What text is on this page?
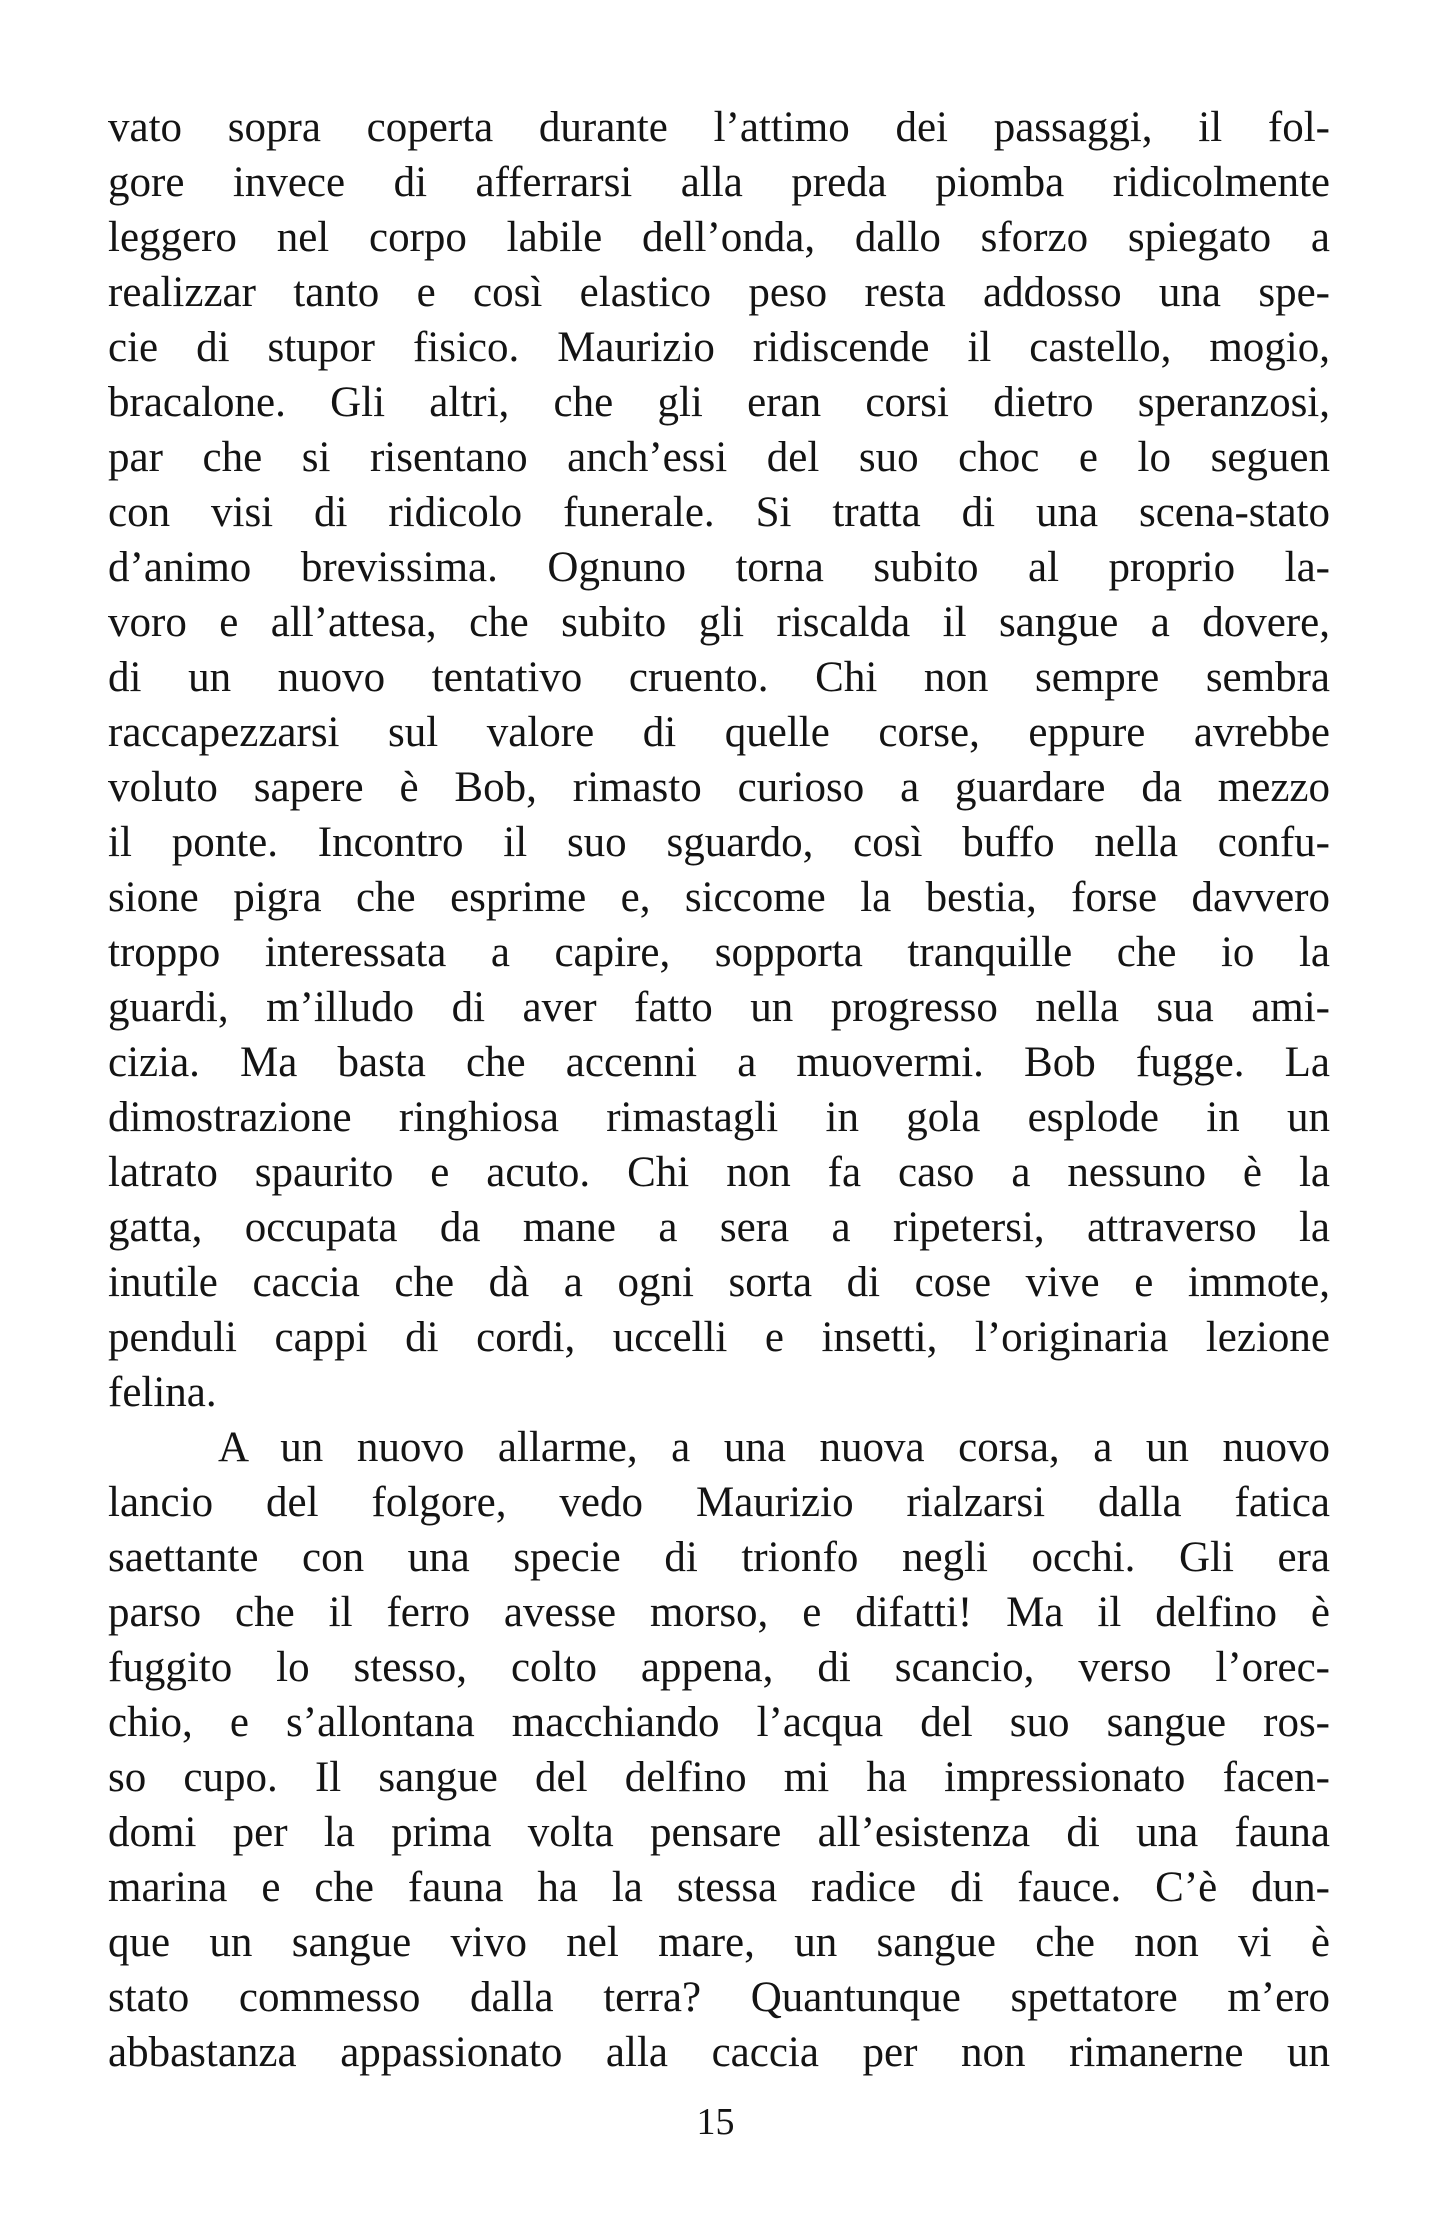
vato sopra coperta durante l’attimo dei passaggi, il fol-
gore invece di afferrarsi alla preda piomba ridicolmente
leggero nel corpo labile dell’onda, dallo sforzo spiegato a
realizzar tanto e così elastico peso resta addosso una spe-
cie di stupor fisico. Maurizio ridiscende il castello, mogio,
bracalone. Gli altri, che gli eran corsi dietro speranzosi,
par che si risentano anch’essi del suo choc e lo seguen
con visi di ridicolo funerale. Si tratta di una scena-stato
d’animo brevissima. Ognuno torna subito al proprio la-
voro e all’attesa, che subito gli riscalda il sangue a dovere,
di un nuovo tentativo cruento. Chi non sempre sembra
raccapezzarsi sul valore di quelle corse, eppure avrebbe
voluto sapere è Bob, rimasto curioso a guardare da mezzo
il ponte. Incontro il suo sguardo, così buffo nella confu-
sione pigra che esprime e, siccome la bestia, forse davvero
troppo interessata a capire, sopporta tranquille che io la
guardi, m’illudo di aver fatto un progresso nella sua ami-
cizia. Ma basta che accenni a muovermi. Bob fugge. La
dimostrazione ringhiosa rimastagli in gola esplode in un
latrato spaurito e acuto. Chi non fa caso a nessuno è la
gatta, occupata da mane a sera a ripetersi, attraverso la
inutile caccia che dà a ogni sorta di cose vive e immote,
penduli cappi di cordi, uccelli e insetti, l’originaria lezione
felina.
A un nuovo allarme, a una nuova corsa, a un nuovo
lancio del folgore, vedo Maurizio rialzarsi dalla fatica
saettante con una specie di trionfo negli occhi. Gli era
parso che il ferro avesse morso, e difatti! Ma il delfino è
fuggito lo stesso, colto appena, di scancio, verso l’orec-
chio, e s’allontana macchiando l’acqua del suo sangue ros-
so cupo. Il sangue del delfino mi ha impressionato facen-
domi per la prima volta pensare all’esistenza di una fauna
marina e che fauna ha la stessa radice di fauce. C’è dun-
que un sangue vivo nel mare, un sangue che non vi è
stato commesso dalla terra? Quantunque spettatore m’ero
abbastanza appassionato alla caccia per non rimanerne un
15
